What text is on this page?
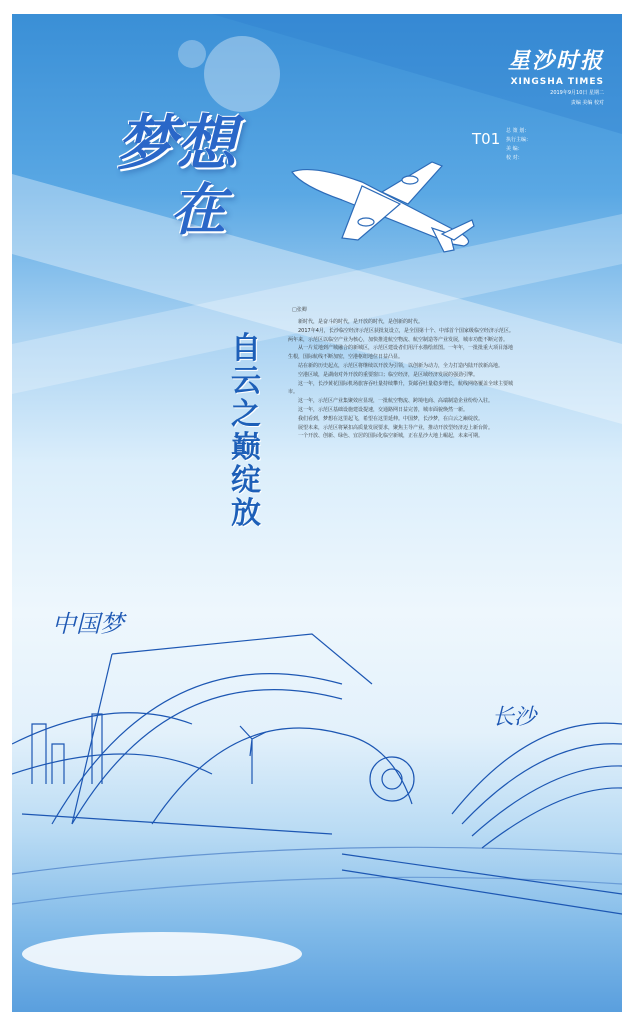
星沙时报
XINGSHA TIMES
2019年9月10日 星期二
责编 美编 校对
T01 总 策 划：
执行主编：
美 编：
校 对：
梦想
在
自云之巅绽放
□张卿

新时代，是奋斗的时代，是开放的时代，是创新的时代。

2017年4月，长沙临空经济示范区获批复设立，是全国第十个、中部首个国家级临空经济示范区。两年来，示范区以临空产业为核心，加快推进航空物流、航空制造等产业发展，城市功能不断完善。

从一片荒地到产城融合的新城区，示范区建设者们用汗水描绘蓝图。一年年，一批批重大项目落地生根，国际航线不断加密，空港枢纽地位日益凸显。

站在新的历史起点，示范区将继续以开放为引领，以创新为动力，全力打造内陆开放新高地。

空港区域，是湖南对外开放的重要窗口；临空经济，是区域经济发展的强劲引擎。

这一年，长沙黄花国际机场旅客吞吐量持续攀升，货邮吞吐量稳步增长，航线网络覆盖全球主要城市。

这一年，示范区产业集聚效应显现，一批航空物流、跨境电商、高端制造企业纷纷入驻。

这一年，示范区基础设施建设提速，交通路网日益完善，城市面貌焕然一新。

我们看到，梦想在这里起飞，希望在这里延伸。中国梦，长沙梦，在白云之巅绽放。

展望未来，示范区将紧扣高质量发展要求，聚焦主导产业，推动开放型经济迈上新台阶。

一个开放、创新、绿色、宜居的国际化临空新城，正在星沙大地上崛起，未来可期。

中国梦
长沙
